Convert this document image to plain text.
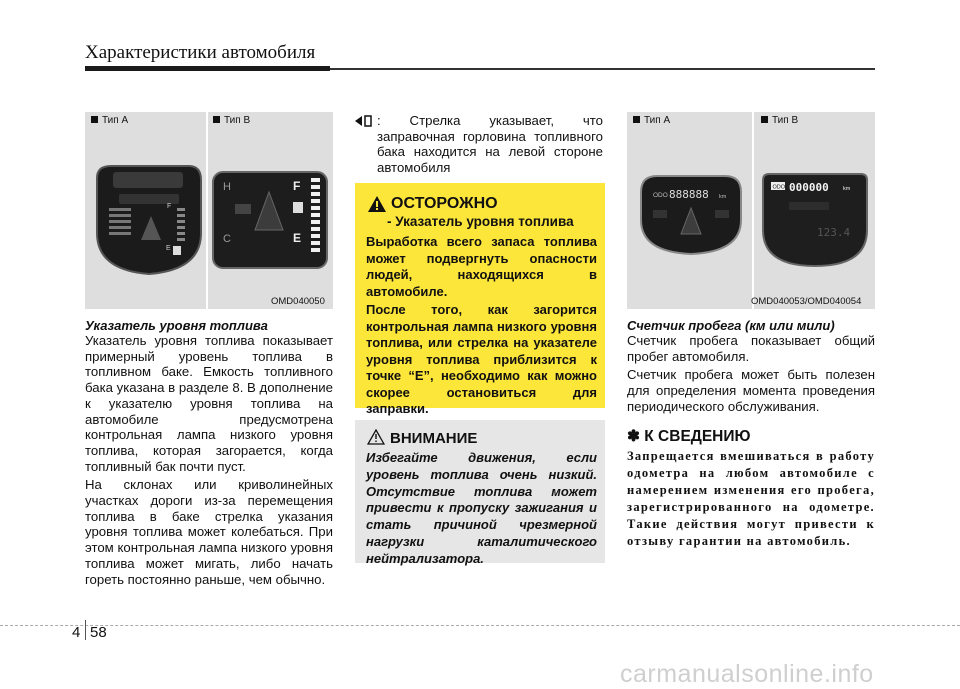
Характеристики автомобиля
Тип A	Тип B
F
E
H
C
F
E
OMD040050
Указатель уровня топлива

Указатель уровня топлива показывает примерный уровень топлива в топливном баке. Емкость топливного бака указана в разделе 8. В дополнение к указателю уровня топлива на автомобиле предусмотрена контрольная лампа низкого уровня топлива, которая загорается, когда топливный бак почти пуст.

На склонах или криволинейных участках дороги из-за перемещения топлива в баке стрелка указания уровня топлива может колебаться. При этом контрольная лампа низкого уровня топлива может мигать, либо начать гореть постоянно раньше, чем обычно.

: Стрелка указывает, что заправочная горловина топливного бака находится на левой стороне автомобиля
ОСТОРОЖНО
- Указатель уровня топлива
Выработка всего запаса топлива может подвергнуть опасности людей, находящихся в автомобиле.
После того, как загорится контрольная лампа низкого уровня топлива, или стрелка на указателе уровня топлива приблизится к точке “E”, необходимо как можно скорее остановиться для заправки.
ВНИМАНИЕ
Избегайте движения, если уровень топлива очень низкий. Отсутствие топлива может привести к пропуску зажигания и стать причиной чрезмерной нагрузки каталитического нейтрализатора.
Тип A	Тип B
ODO 888888 km
ODO 000000	km
123.4
OMD040053/OMD040054
Счетчик пробега (км или мили)

Счетчик пробега показывает общий пробег автомобиля.

Счетчик пробега может быть полезен для определения момента проведения периодического обслуживания.

✽ К СВЕДЕНИЮ
Запрещается вмешиваться в работу одометра на любом автомобиле с намерением изменения его пробега, зарегистрированного на одометре. Такие действия могут привести к отзыву гарантии на автомобиль.
4 58
carmanualsonline.info
